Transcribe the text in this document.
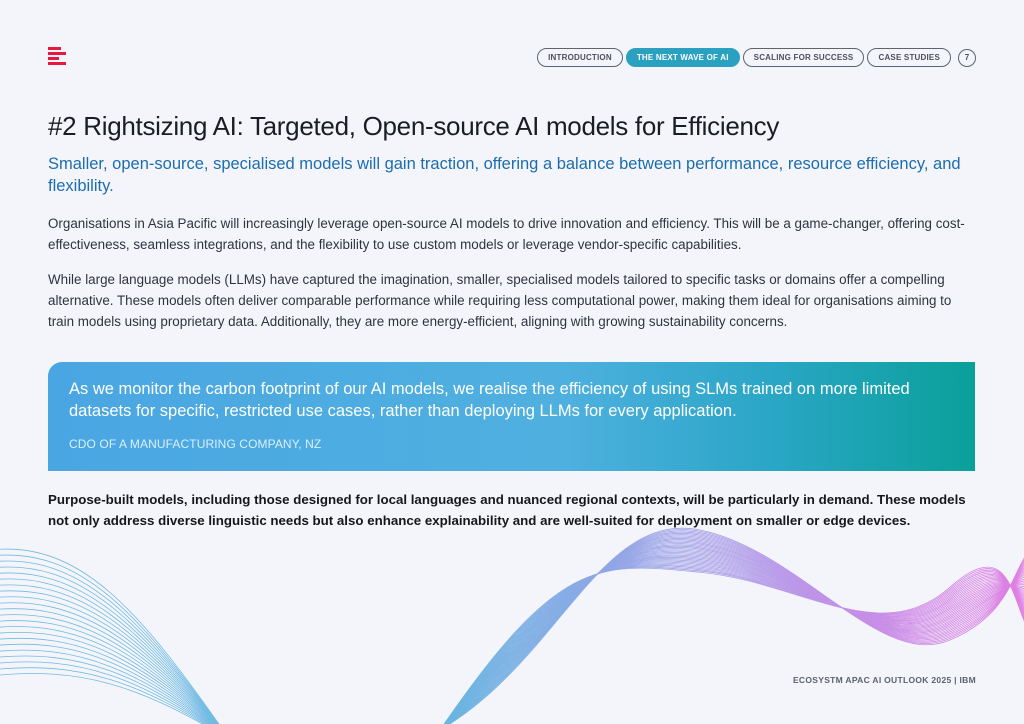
INTRODUCTION	THE NEXT WAVE OF AI	SCALING FOR SUCCESS	CASE STUDIES	7
#2 Rightsizing AI: Targeted, Open-source AI models for Efficiency

Smaller, open-source, specialised models will gain traction, offering a balance between performance, resource efficiency, and flexibility.

Organisations in Asia Pacific will increasingly leverage open-source AI models to drive innovation and efficiency. This will be a game-changer, offering cost-effectiveness, seamless integrations, and the flexibility to use custom models or leverage vendor-specific capabilities.

While large language models (LLMs) have captured the imagination, smaller, specialised models tailored to specific tasks or domains offer a compelling alternative. These models often deliver comparable performance while requiring less computational power, making them ideal for organisations aiming to train models using proprietary data. Additionally, they are more energy-efficient, aligning with growing sustainability concerns.

As we monitor the carbon footprint of our AI models, we realise the efficiency of using SLMs trained on more limited datasets for specific, restricted use cases, rather than deploying LLMs for every application.

CDO OF A MANUFACTURING COMPANY, NZ

Purpose-built models, including those designed for local languages and nuanced regional contexts, will be particularly in demand. These models not only address diverse linguistic needs but also enhance explainability and are well-suited for deployment on smaller or edge devices.

ECOSYSTM APAC AI OUTLOOK 2025 | IBM
